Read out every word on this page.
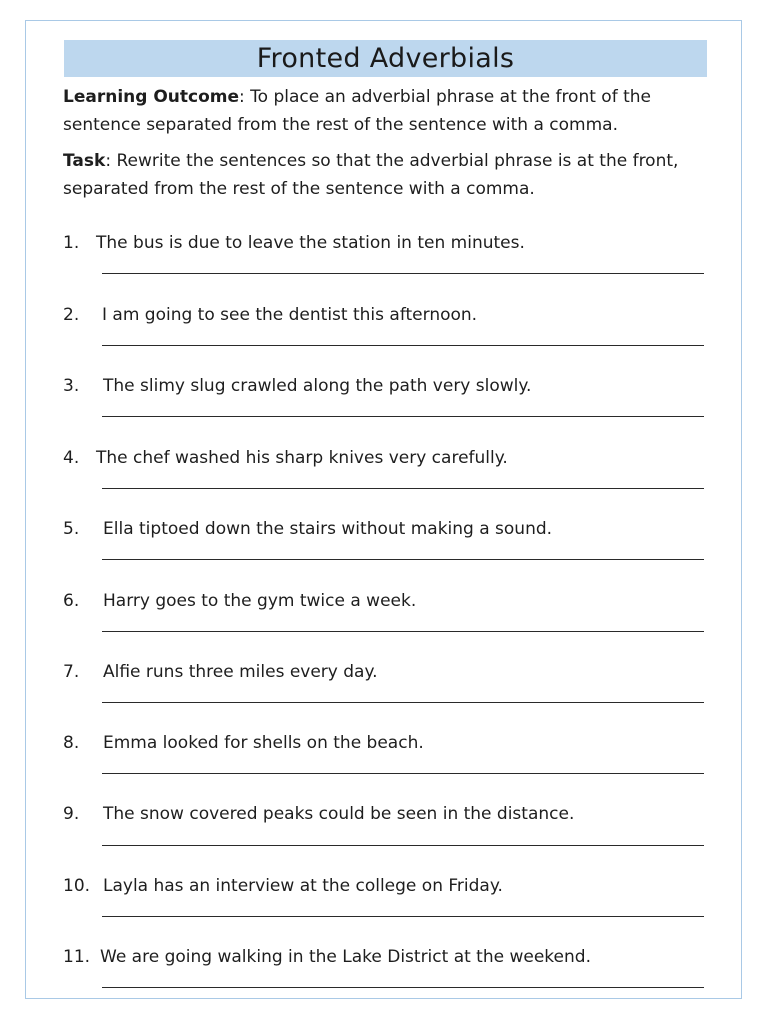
Fronted Adverbials
Learning Outcome: To place an adverbial phrase at the front of the sentence separated from the rest of the sentence with a comma.
Task: Rewrite the sentences so that the adverbial phrase is at the front, separated from the rest of the sentence with a comma.
1. The bus is due to leave the station in ten minutes.
2. I am going to see the dentist this afternoon.
3. The slimy slug crawled along the path very slowly.
4. The chef washed his sharp knives very carefully.
5. Ella tiptoed down the stairs without making a sound.
6. Harry goes to the gym twice a week.
7. Alfie runs three miles every day.
8. Emma looked for shells on the beach.
9. The snow covered peaks could be seen in the distance.
10. Layla has an interview at the college on Friday.
11. We are going walking in the Lake District at the weekend.
